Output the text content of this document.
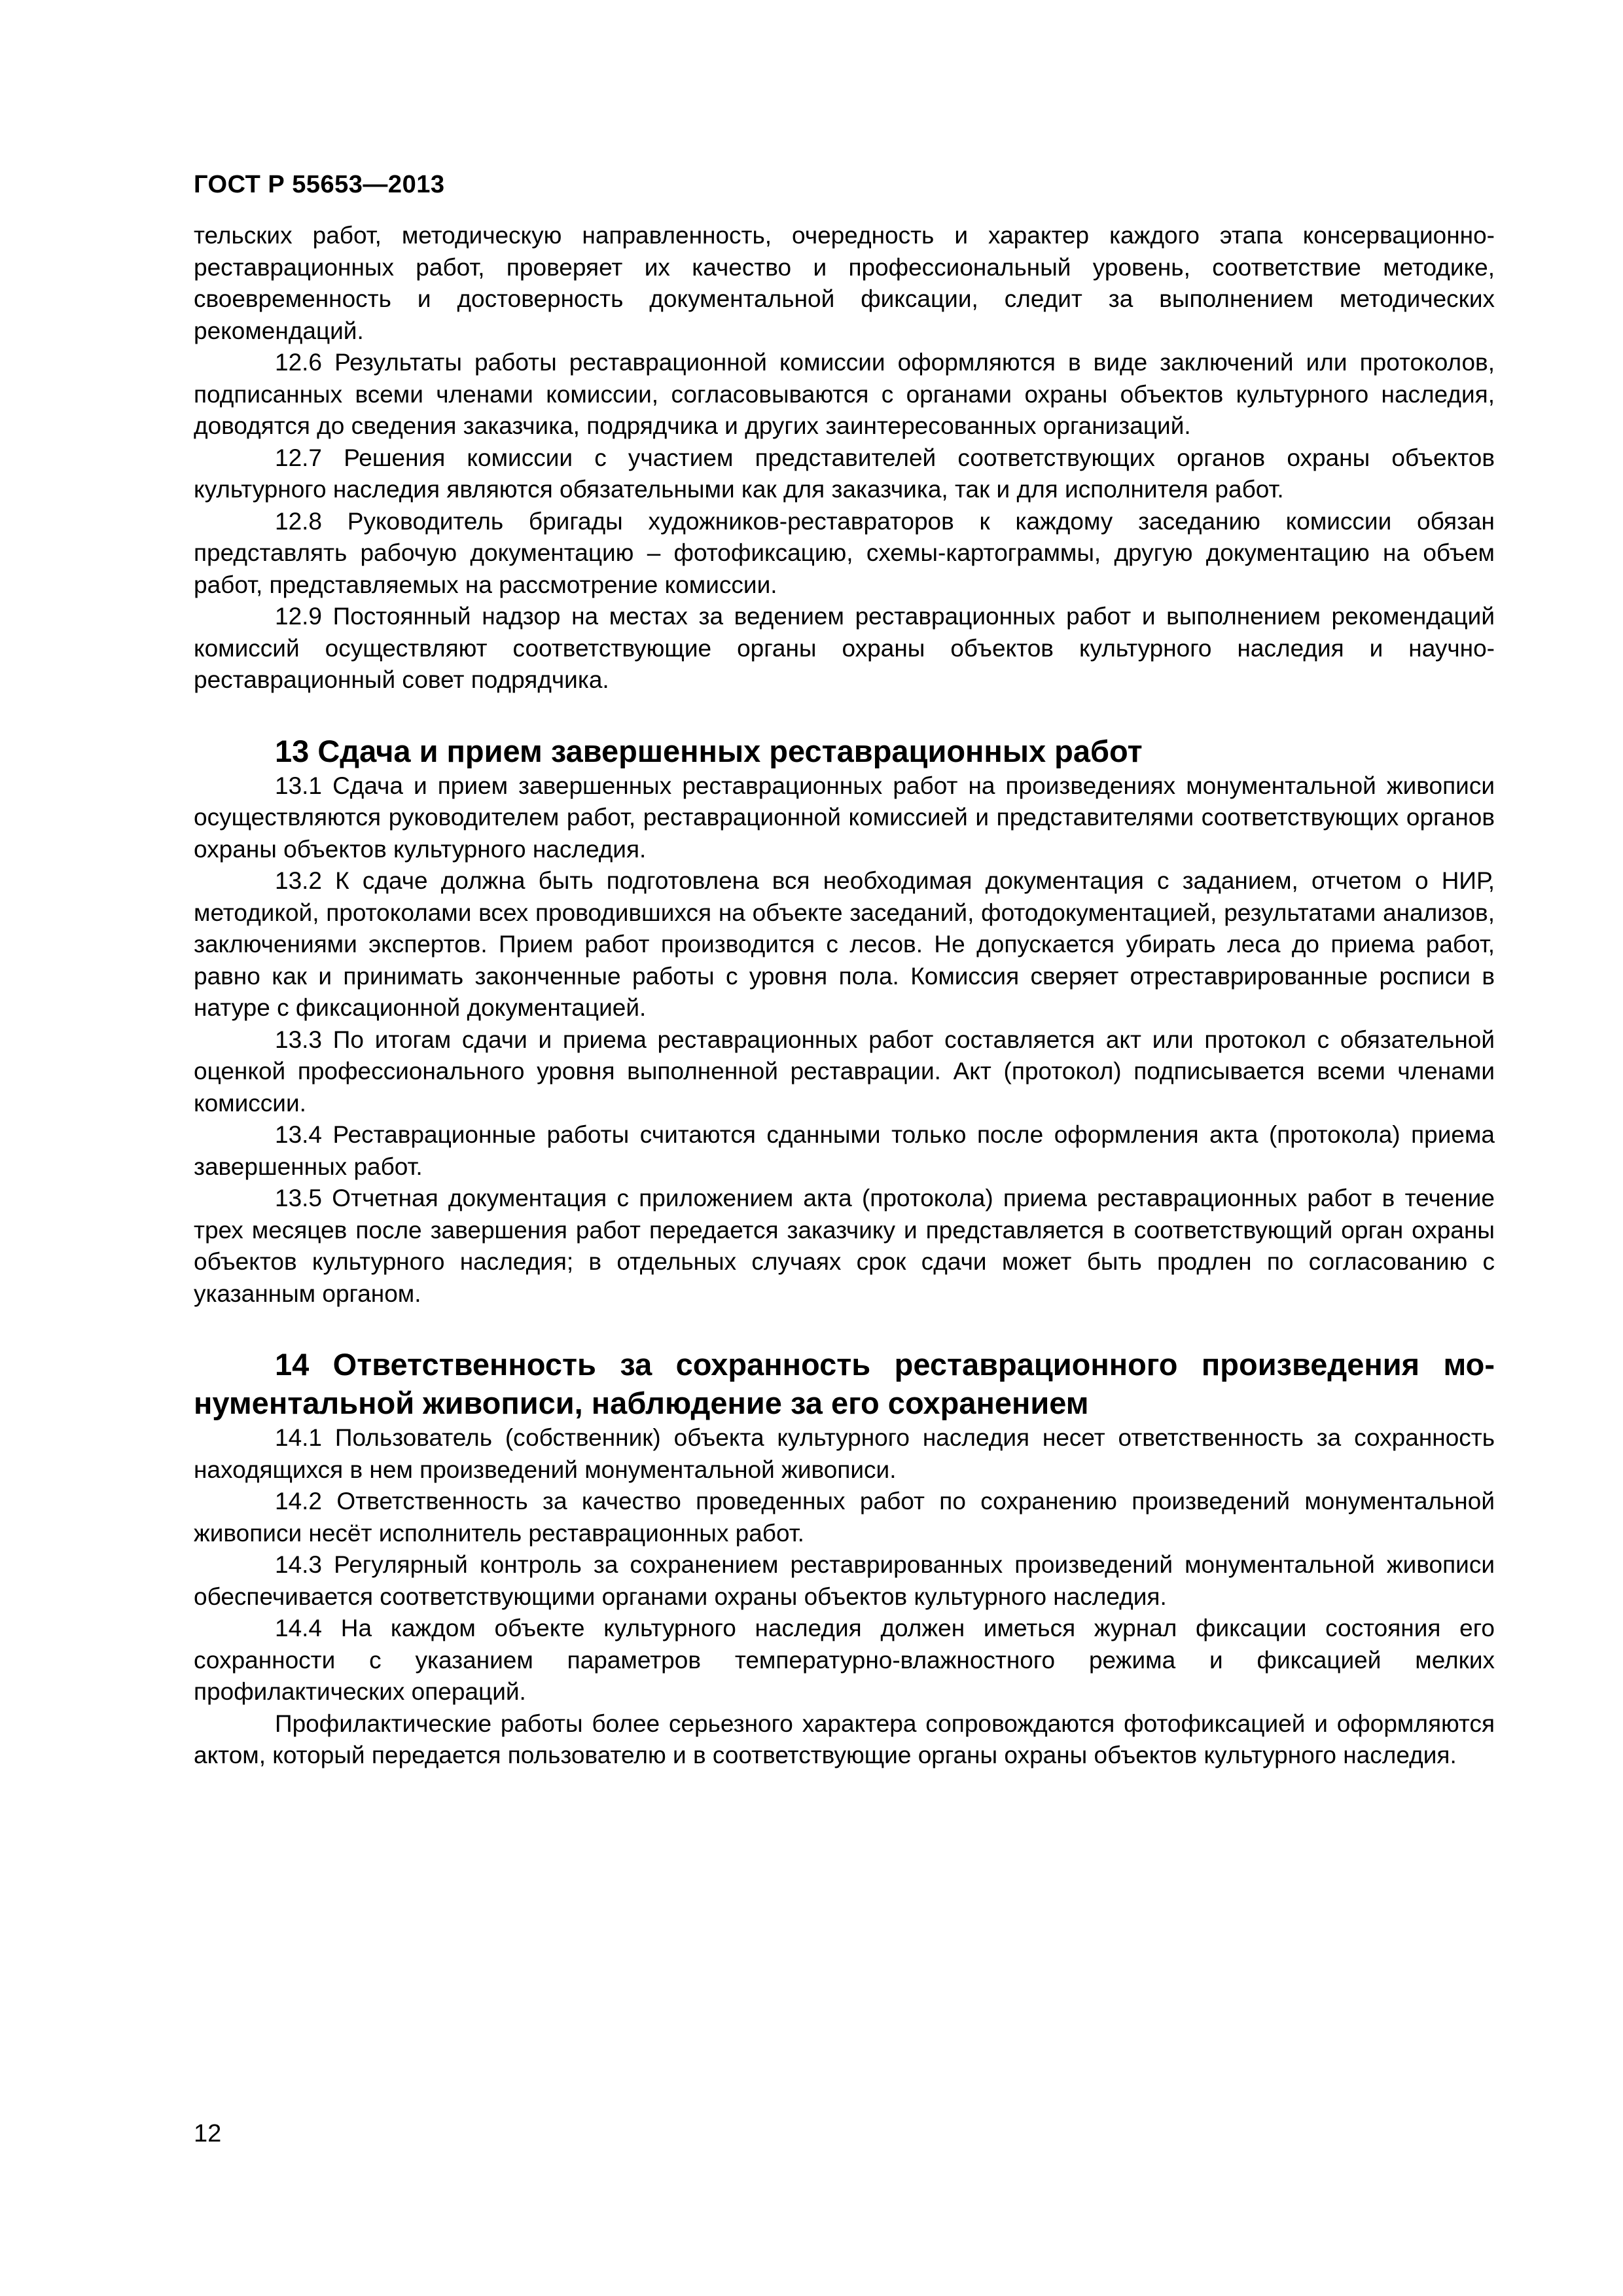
ГОСТ Р 55653—2013

тельских работ, методическую направленность, очередность и характер каждого этапа консервационно-реставрационных работ, проверяет их качество и профессиональный уровень, соответствие методике, своевременность и достоверность документальной фиксации, следит за выполнением методических рекомендаций.

12.6 Результаты работы реставрационной комиссии оформляются в виде заключений или протоколов, подписанных всеми членами комиссии, согласовываются с органами охраны объектов культурного наследия, доводятся до сведения заказчика, подрядчика и других заинтересованных организаций.

12.7 Решения комиссии с участием представителей соответствующих органов охраны объектов культурного наследия являются обязательными как для заказчика, так и для исполнителя работ.

12.8 Руководитель бригады художников-реставраторов к каждому заседанию комиссии обязан представлять рабочую документацию – фотофиксацию, схемы-картограммы, другую документацию на объем работ, представляемых на рассмотрение комиссии.

12.9 Постоянный надзор на местах за ведением реставрационных работ и выполнением рекомендаций комиссий осуществляют соответствующие органы охраны объектов культурного наследия и научно-реставрационный совет подрядчика.

13 Сдача и прием завершенных реставрационных работ

13.1 Сдача и прием завершенных реставрационных работ на произведениях монументальной живописи осуществляются руководителем работ, реставрационной комиссией и представителями соответствующих органов охраны объектов культурного наследия.

13.2 К сдаче должна быть подготовлена вся необходимая документация с заданием, отчетом о НИР, методикой, протоколами всех проводившихся на объекте заседаний, фотодокументацией, результатами анализов, заключениями экспертов. Прием работ производится с лесов. Не допускается убирать леса до приема работ, равно как и принимать законченные работы с уровня пола. Комиссия сверяет отреставрированные росписи в натуре с фиксационной документацией.

13.3 По итогам сдачи и приема реставрационных работ составляется акт или протокол с обязательной оценкой профессионального уровня выполненной реставрации. Акт (протокол) подписывается всеми членами комиссии.

13.4 Реставрационные работы считаются сданными только после оформления акта (протокола) приема завершенных работ.

13.5 Отчетная документация с приложением акта (протокола) приема реставрационных работ в течение трех месяцев после завершения работ передается заказчику и представляется в соответствующий орган охраны объектов культурного наследия; в отдельных случаях срок сдачи может быть продлен по согласованию с указанным органом.

14 Ответственность за сохранность реставрационного произведения монументальной живописи, наблюдение за его сохранением

14.1 Пользователь (собственник) объекта культурного наследия несет ответственность за сохранность находящихся в нем произведений монументальной живописи.

14.2 Ответственность за качество проведенных работ по сохранению произведений монументальной живописи несёт исполнитель реставрационных работ.

14.3 Регулярный контроль за сохранением реставрированных произведений монументальной живописи обеспечивается соответствующими органами охраны объектов культурного наследия.

14.4 На каждом объекте культурного наследия должен иметься журнал фиксации состояния его сохранности с указанием параметров температурно-влажностного режима и фиксацией мелких профилактических операций.

Профилактические работы более серьезного характера сопровождаются фотофиксацией и оформляются актом, который передается пользователю и в соответствующие органы охраны объектов культурного наследия.

12
